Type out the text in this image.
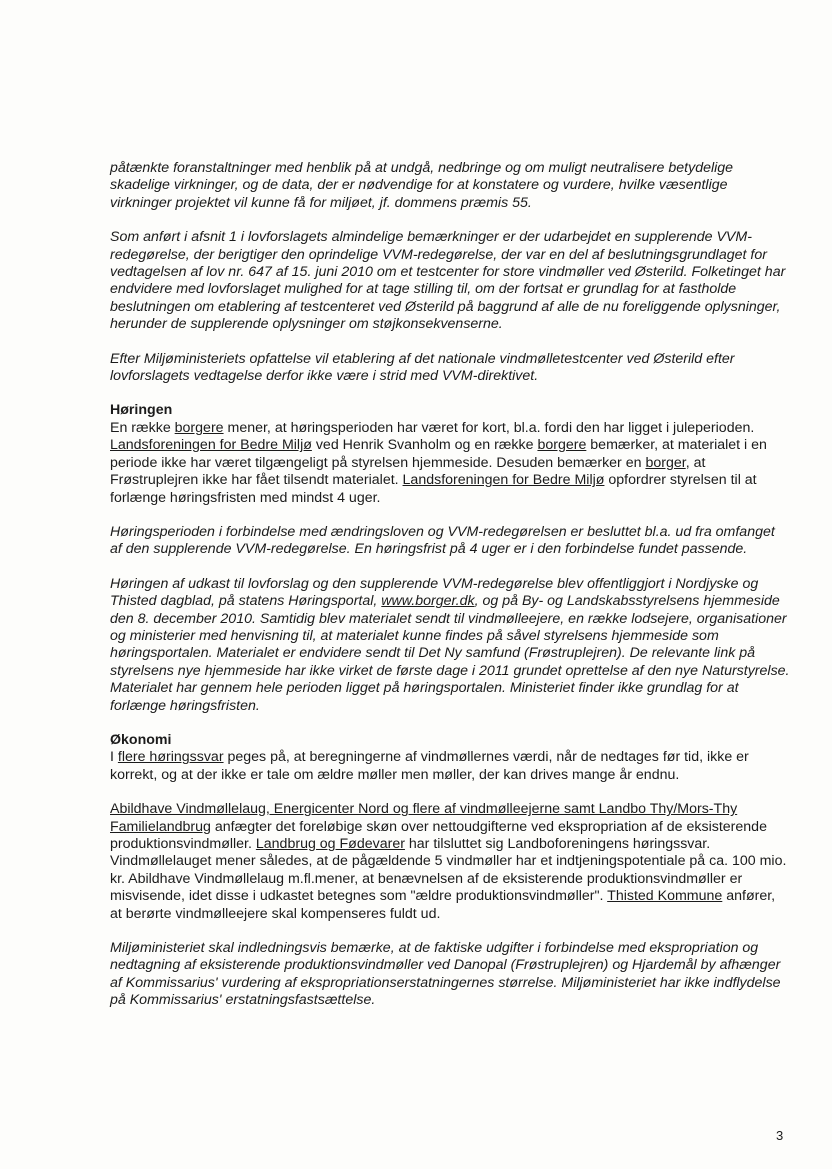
påtænkte foranstaltninger med henblik på at undgå, nedbringe og om muligt neutralisere betydelige skadelige virkninger, og de data, der er nødvendige for at konstatere og vurdere, hvilke væsentlige virkninger projektet vil kunne få for miljøet, jf. dommens præmis 55.

Som anført i afsnit 1 i lovforslagets almindelige bemærkninger er der udarbejdet en supplerende VVM-redegørelse, der berigtiger den oprindelige VVM-redegørelse, der var en del af beslutningsgrundlaget for vedtagelsen af lov nr. 647 af 15. juni 2010 om et testcenter for store vindmøller ved Østerild. Folketinget har endvidere med lovforslaget mulighed for at tage stilling til, om der fortsat er grundlag for at fastholde beslutningen om etablering af testcenteret ved Østerild på baggrund af alle de nu foreliggende oplysninger, herunder de supplerende oplysninger om støjkonsekvenserne.

Efter Miljøministeriets opfattelse vil etablering af det nationale vindmølletestcenter ved Østerild efter lovforslagets vedtagelse derfor ikke være i strid med VVM-direktivet.

Høringen

En række borgere mener, at høringsperioden har været for kort, bl.a. fordi den har ligget i juleperioden. Landsforeningen for Bedre Miljø ved Henrik Svanholm og en række borgere bemærker, at materialet i en periode ikke har været tilgængeligt på styrelsen hjemmeside. Desuden bemærker en borger, at Frøstruplejren ikke har fået tilsendt materialet. Landsforeningen for Bedre Miljø opfordrer styrelsen til at forlænge høringsfristen med mindst 4 uger.

Høringsperioden i forbindelse med ændringsloven og VVM-redegørelsen er besluttet bl.a. ud fra omfanget af den supplerende VVM-redegørelse. En høringsfrist på 4 uger er i den forbindelse fundet passende.

Høringen af udkast til lovforslag og den supplerende VVM-redegørelse blev offentliggjort i Nordjyske og Thisted dagblad, på statens Høringsportal, www.borger.dk, og på By- og Landskabsstyrelsens hjemmeside den 8. december 2010. Samtidig blev materialet sendt til vindmølleejere, en række lodsejere, organisationer og ministerier med henvisning til, at materialet kunne findes på såvel styrelsens hjemmeside som høringsportalen. Materialet er endvidere sendt til Det Ny samfund (Frøstruplejren). De relevante link på styrelsens nye hjemmeside har ikke virket de første dage i 2011 grundet oprettelse af den nye Naturstyrelse. Materialet har gennem hele perioden ligget på høringsportalen. Ministeriet finder ikke grundlag for at forlænge høringsfristen.

Økonomi

I flere høringssvar peges på, at beregningerne af vindmøllernes værdi, når de nedtages før tid, ikke er korrekt, og at der ikke er tale om ældre møller men møller, der kan drives mange år endnu.

Abildhave Vindmøllelaug, Energicenter Nord og flere af vindmølleejerne samt Landbo Thy/Mors-Thy Familielandbrug anfægter det foreløbige skøn over nettoudgifterne ved ekspropriation af de eksisterende produktionsvindmøller. Landbrug og Fødevarer har tilsluttet sig Landboforeningens høringssvar. Vindmøllelauget mener således, at de pågældende 5 vindmøller har et indtjeningspotentiale på ca. 100 mio. kr. Abildhave Vindmøllelaug m.fl.mener, at benævnelsen af de eksisterende produktionsvindmøller er misvisende, idet disse i udkastet betegnes som "ældre produktionsvindmøller". Thisted Kommune anfører, at berørte vindmølleejere skal kompenseres fuldt ud.

Miljøministeriet skal indledningsvis bemærke, at de faktiske udgifter i forbindelse med ekspropriation og nedtagning af eksisterende produktionsvindmøller ved Danopal (Frøstruplejren) og Hjardemål by afhænger af Kommissarius' vurdering af ekspropriationserstatningernes størrelse. Miljøministeriet har ikke indflydelse på Kommissarius' erstatningsfastsættelse.

3
